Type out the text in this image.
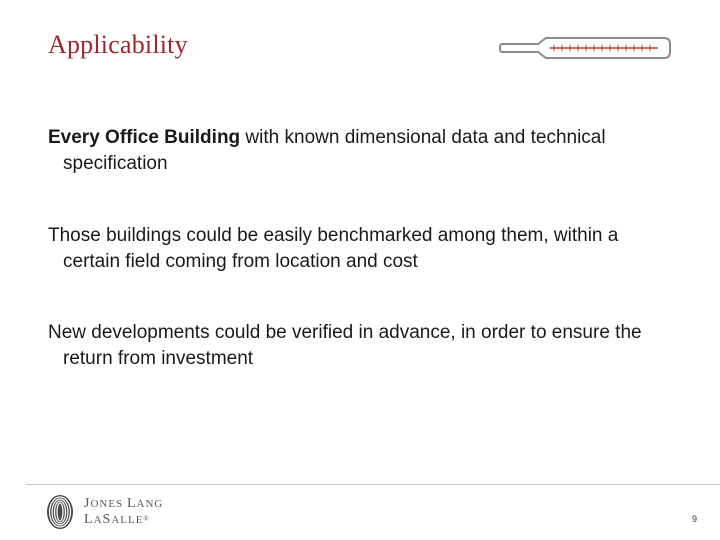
Applicability
Every Office Building with known dimensional data and technical specification
Those buildings could be easily benchmarked among them, within a certain field coming from location and cost
New developments could be verified in advance, in order to ensure the return from investment
JONES LANG
LASALLE®	9
